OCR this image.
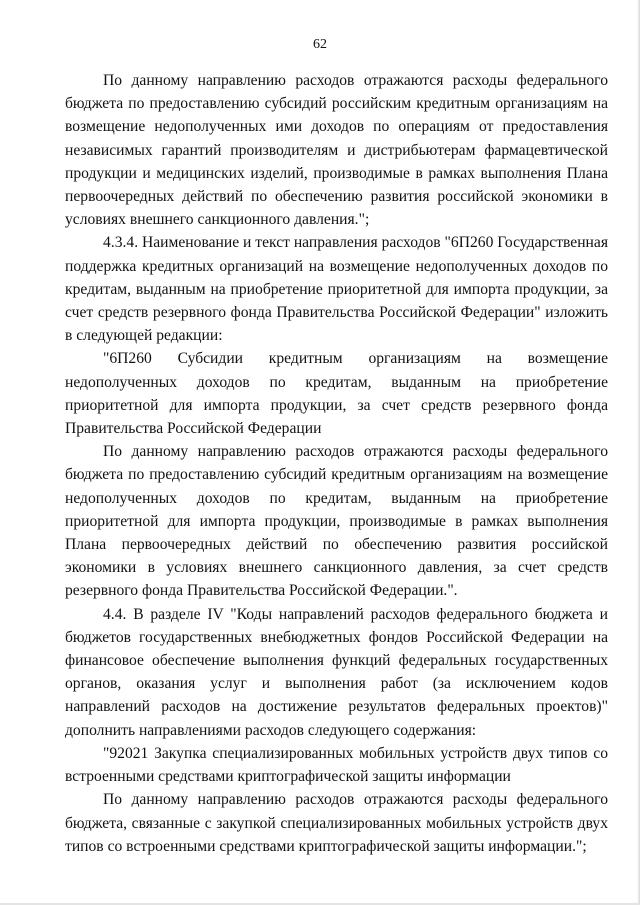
62

По данному направлению расходов отражаются расходы федерального бюджета по предоставлению субсидий российским кредитным организациям на возмещение недополученных ими доходов по операциям от предоставления независимых гарантий производителям и дистрибьютерам фармацевтической продукции и медицинских изделий, производимые в рамках выполнения Плана первоочередных действий по обеспечению развития российской экономики в условиях внешнего санкционного давления.";

4.3.4. Наименование и текст направления расходов "6П260 Государственная поддержка кредитных организаций на возмещение недополученных доходов по кредитам, выданным на приобретение приоритетной для импорта продукции, за счет средств резервного фонда Правительства Российской Федерации" изложить в следующей редакции:

"6П260 Субсидии кредитным организациям на возмещение недополученных доходов по кредитам, выданным на приобретение приоритетной для импорта продукции, за счет средств резервного фонда Правительства Российской Федерации

По данному направлению расходов отражаются расходы федерального бюджета по предоставлению субсидий кредитным организациям на возмещение недополученных доходов по кредитам, выданным на приобретение приоритетной для импорта продукции, производимые в рамках выполнения Плана первоочередных действий по обеспечению развития российской экономики в условиях внешнего санкционного давления, за счет средств резервного фонда Правительства Российской Федерации.".

4.4. В разделе IV "Коды направлений расходов федерального бюджета и бюджетов государственных внебюджетных фондов Российской Федерации на финансовое обеспечение выполнения функций федеральных государственных органов, оказания услуг и выполнения работ (за исключением кодов направлений расходов на достижение результатов федеральных проектов)" дополнить направлениями расходов следующего содержания:

"92021 Закупка специализированных мобильных устройств двух типов со встроенными средствами криптографической защиты информации

По данному направлению расходов отражаются расходы федерального бюджета, связанные с закупкой специализированных мобильных устройств двух типов со встроенными средствами криптографической защиты информации.";
